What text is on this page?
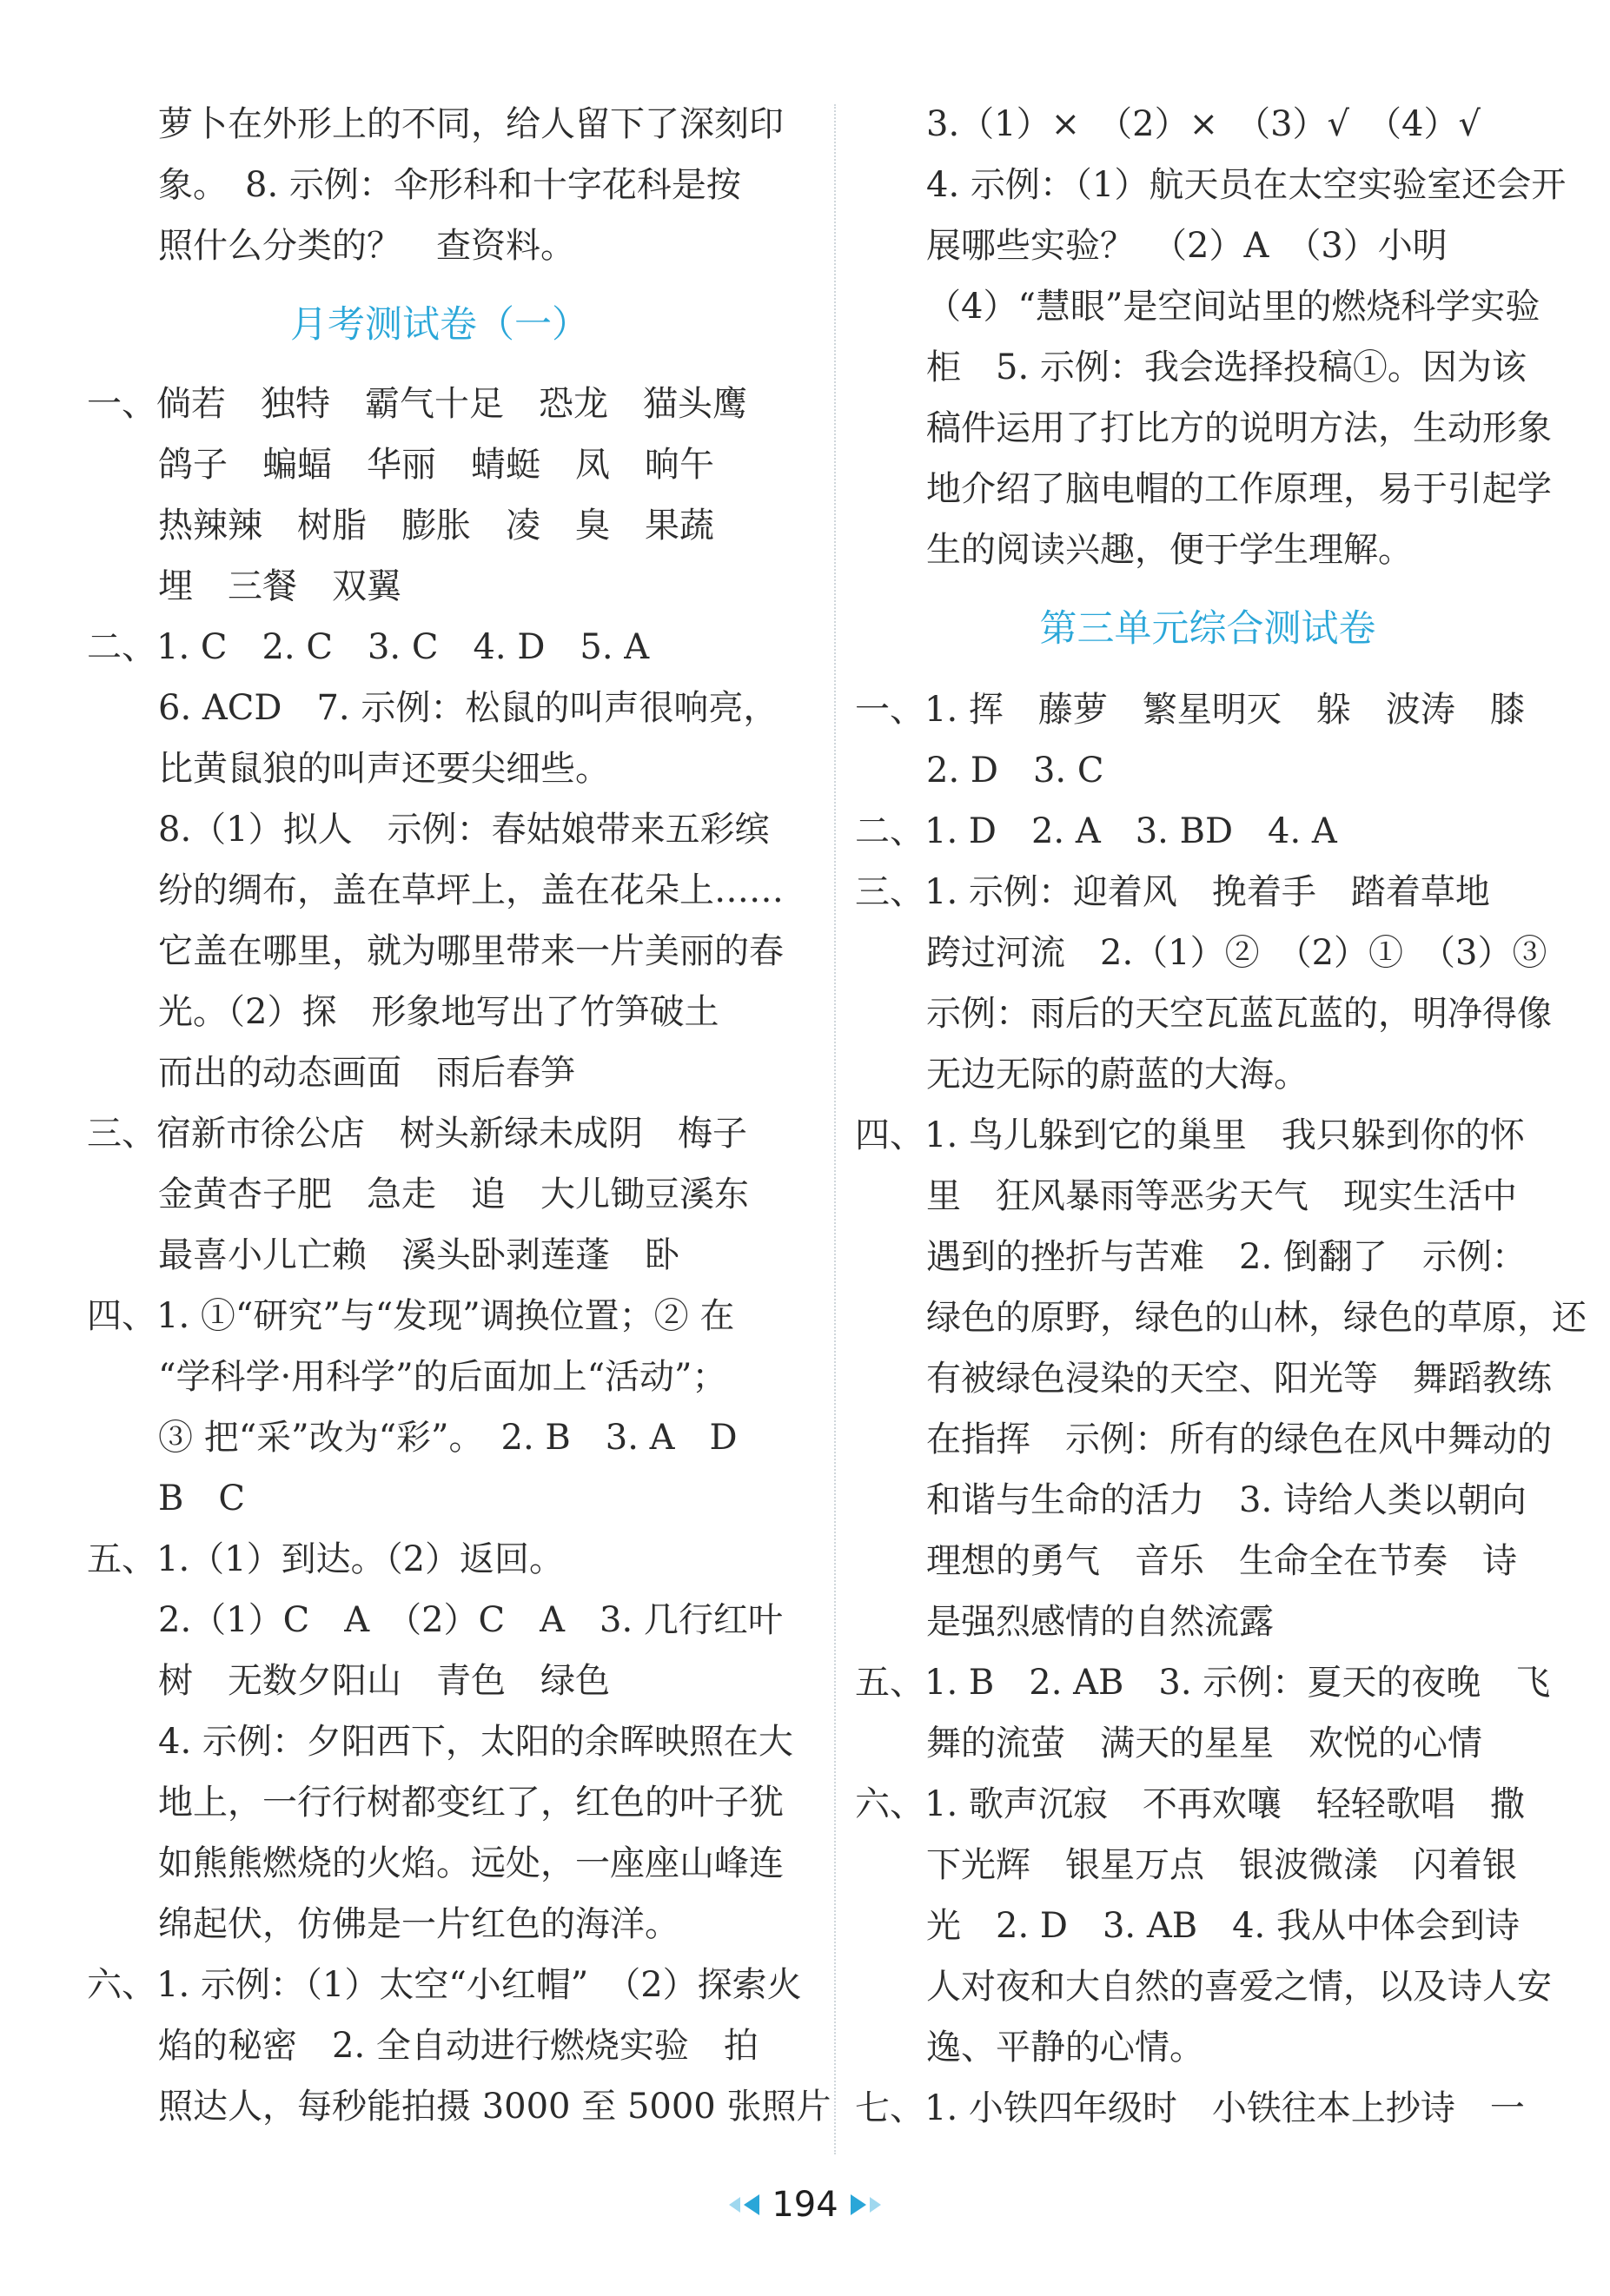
萝卜在外形上的不同，给人留下了深刻印
象。　8. 示例：伞形科和十字花科是按
照什么分类的？　查资料。
月考测试卷（一）
一、倘若　独特　霸气十足　恐龙　猫头鹰
鸽子　蝙蝠　华丽　蜻蜓　凤　晌午
热辣辣　树脂　膨胀　凌　臭　果蔬
埋　三餐　双翼
二、1. C　2. C　3. C　4. D　5. A
6. ACD　7. 示例：松鼠的叫声很响亮，
比黄鼠狼的叫声还要尖细些。
8.（1）拟人　示例：春姑娘带来五彩缤
纷的绸布，盖在草坪上，盖在花朵上……
它盖在哪里，就为哪里带来一片美丽的春
光。（2）探　形象地写出了竹笋破土
而出的动态画面　雨后春笋
三、宿新市徐公店　树头新绿未成阴　梅子
金黄杏子肥　急走　追　大儿锄豆溪东
最喜小儿亡赖　溪头卧剥莲蓬　卧
四、1. ①“研究”与“发现”调换位置；② 在
“学科学·用科学”的后面加上“活动”；
③ 把“采”改为“彩”。　2. B　3. A　D
B　C
五、1.（1）到达。（2）返回。
2.（1）C　A　（2）C　A　3. 几行红叶
树　无数夕阳山　青色　绿色
4. 示例：夕阳西下，太阳的余晖映照在大
地上，一行行树都变红了，红色的叶子犹
如熊熊燃烧的火焰。远处，一座座山峰连
绵起伏，仿佛是一片红色的海洋。
六、1. 示例：（1）太空“小红帽”　（2）探索火
焰的秘密　2. 全自动进行燃烧实验　拍
照达人，每秒能拍摄 3000 至 5000 张照片
3.（1）×　（2）×　（3）√　（4）√
4. 示例：（1）航天员在太空实验室还会开
展哪些实验？　（2）A　（3）小明
（4）“慧眼”是空间站里的燃烧科学实验
柜　5. 示例：我会选择投稿①。因为该
稿件运用了打比方的说明方法，生动形象
地介绍了脑电帽的工作原理，易于引起学
生的阅读兴趣，便于学生理解。
第三单元综合测试卷
一、1. 挥　藤萝　繁星明灭　躲　波涛　膝
2. D　3. C
二、1. D　2. A　3. BD　4. A
三、1. 示例：迎着风　挽着手　踏着草地
跨过河流　2.（1）②　（2）①　（3）③
示例：雨后的天空瓦蓝瓦蓝的，明净得像
无边无际的蔚蓝的大海。
四、1. 鸟儿躲到它的巢里　我只躲到你的怀
里　狂风暴雨等恶劣天气　现实生活中
遇到的挫折与苦难　2. 倒翻了　示例：
绿色的原野，绿色的山林，绿色的草原，还
有被绿色浸染的天空、阳光等　舞蹈教练
在指挥　示例：所有的绿色在风中舞动的
和谐与生命的活力　3. 诗给人类以朝向
理想的勇气　音乐　生命全在节奏　诗
是强烈感情的自然流露
五、1. B　2. AB　3. 示例：夏天的夜晚　飞
舞的流萤　满天的星星　欢悦的心情
六、1. 歌声沉寂　不再欢嚷　轻轻歌唱　撒
下光辉　银星万点　银波微漾　闪着银
光　2. D　3. AB　4. 我从中体会到诗
人对夜和大自然的喜爱之情，以及诗人安
逸、平静的心情。
七、1. 小铁四年级时　小铁往本上抄诗　一
194
